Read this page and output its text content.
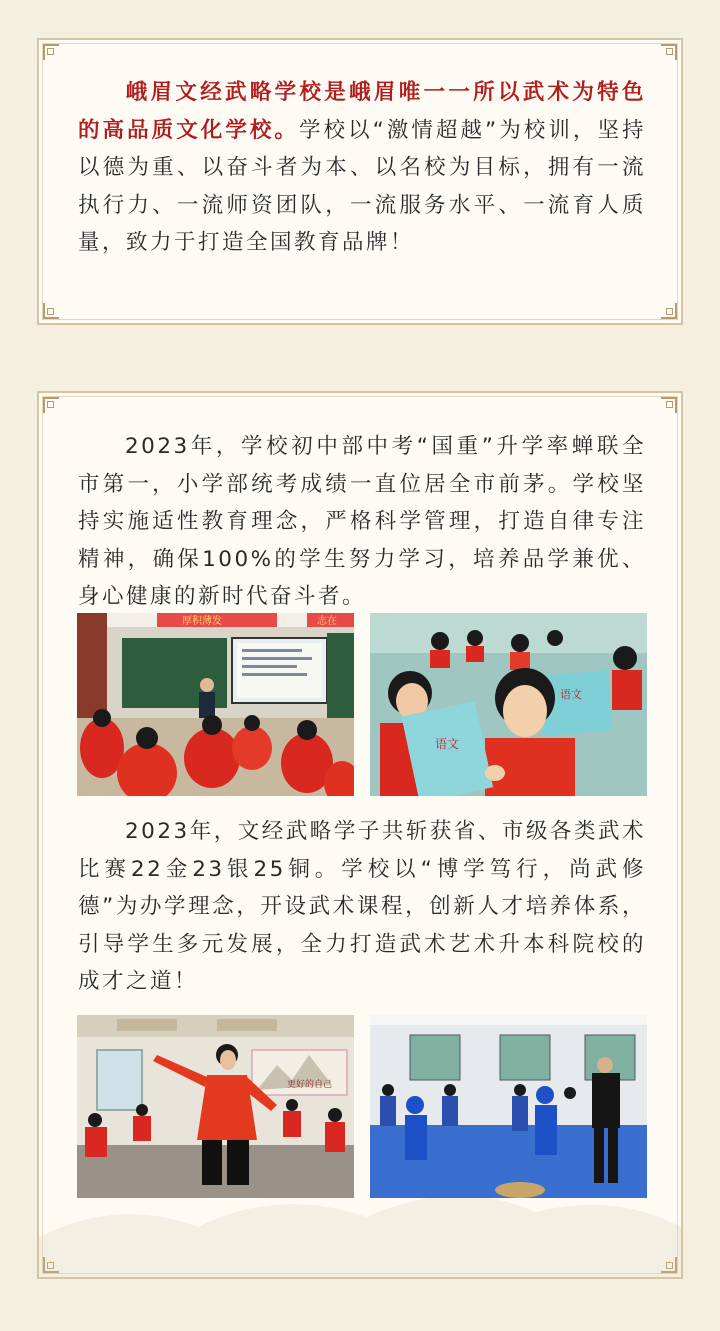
峨眉文经武略学校是峨眉唯一一所以武术为特色的高品质文化学校。学校以“激情超越”为校训，坚持以德为重、以奋斗者为本、以名校为目标，拥有一流执行力、一流师资团队，一流服务水平、一流育人质量，致力于打造全国教育品牌！

2023年，学校初中部中考“国重”升学率蝉联全市第一，小学部统考成绩一直位居全市前茅。学校坚持实施适性教育理念，严格科学管理，打造自律专注精神，确保100%的学生努力学习，培养品学兼优、身心健康的新时代奋斗者。

厚积薄发	志在
语文
语文

2023年，文经武略学子共斩获省、市级各类武术比赛22金23银25铜。学校以“博学笃行，尚武修德”为办学理念，开设武术课程，创新人才培养体系，引导学生多元发展，全力打造武术艺术升本科院校的成才之道！

更好的自己
